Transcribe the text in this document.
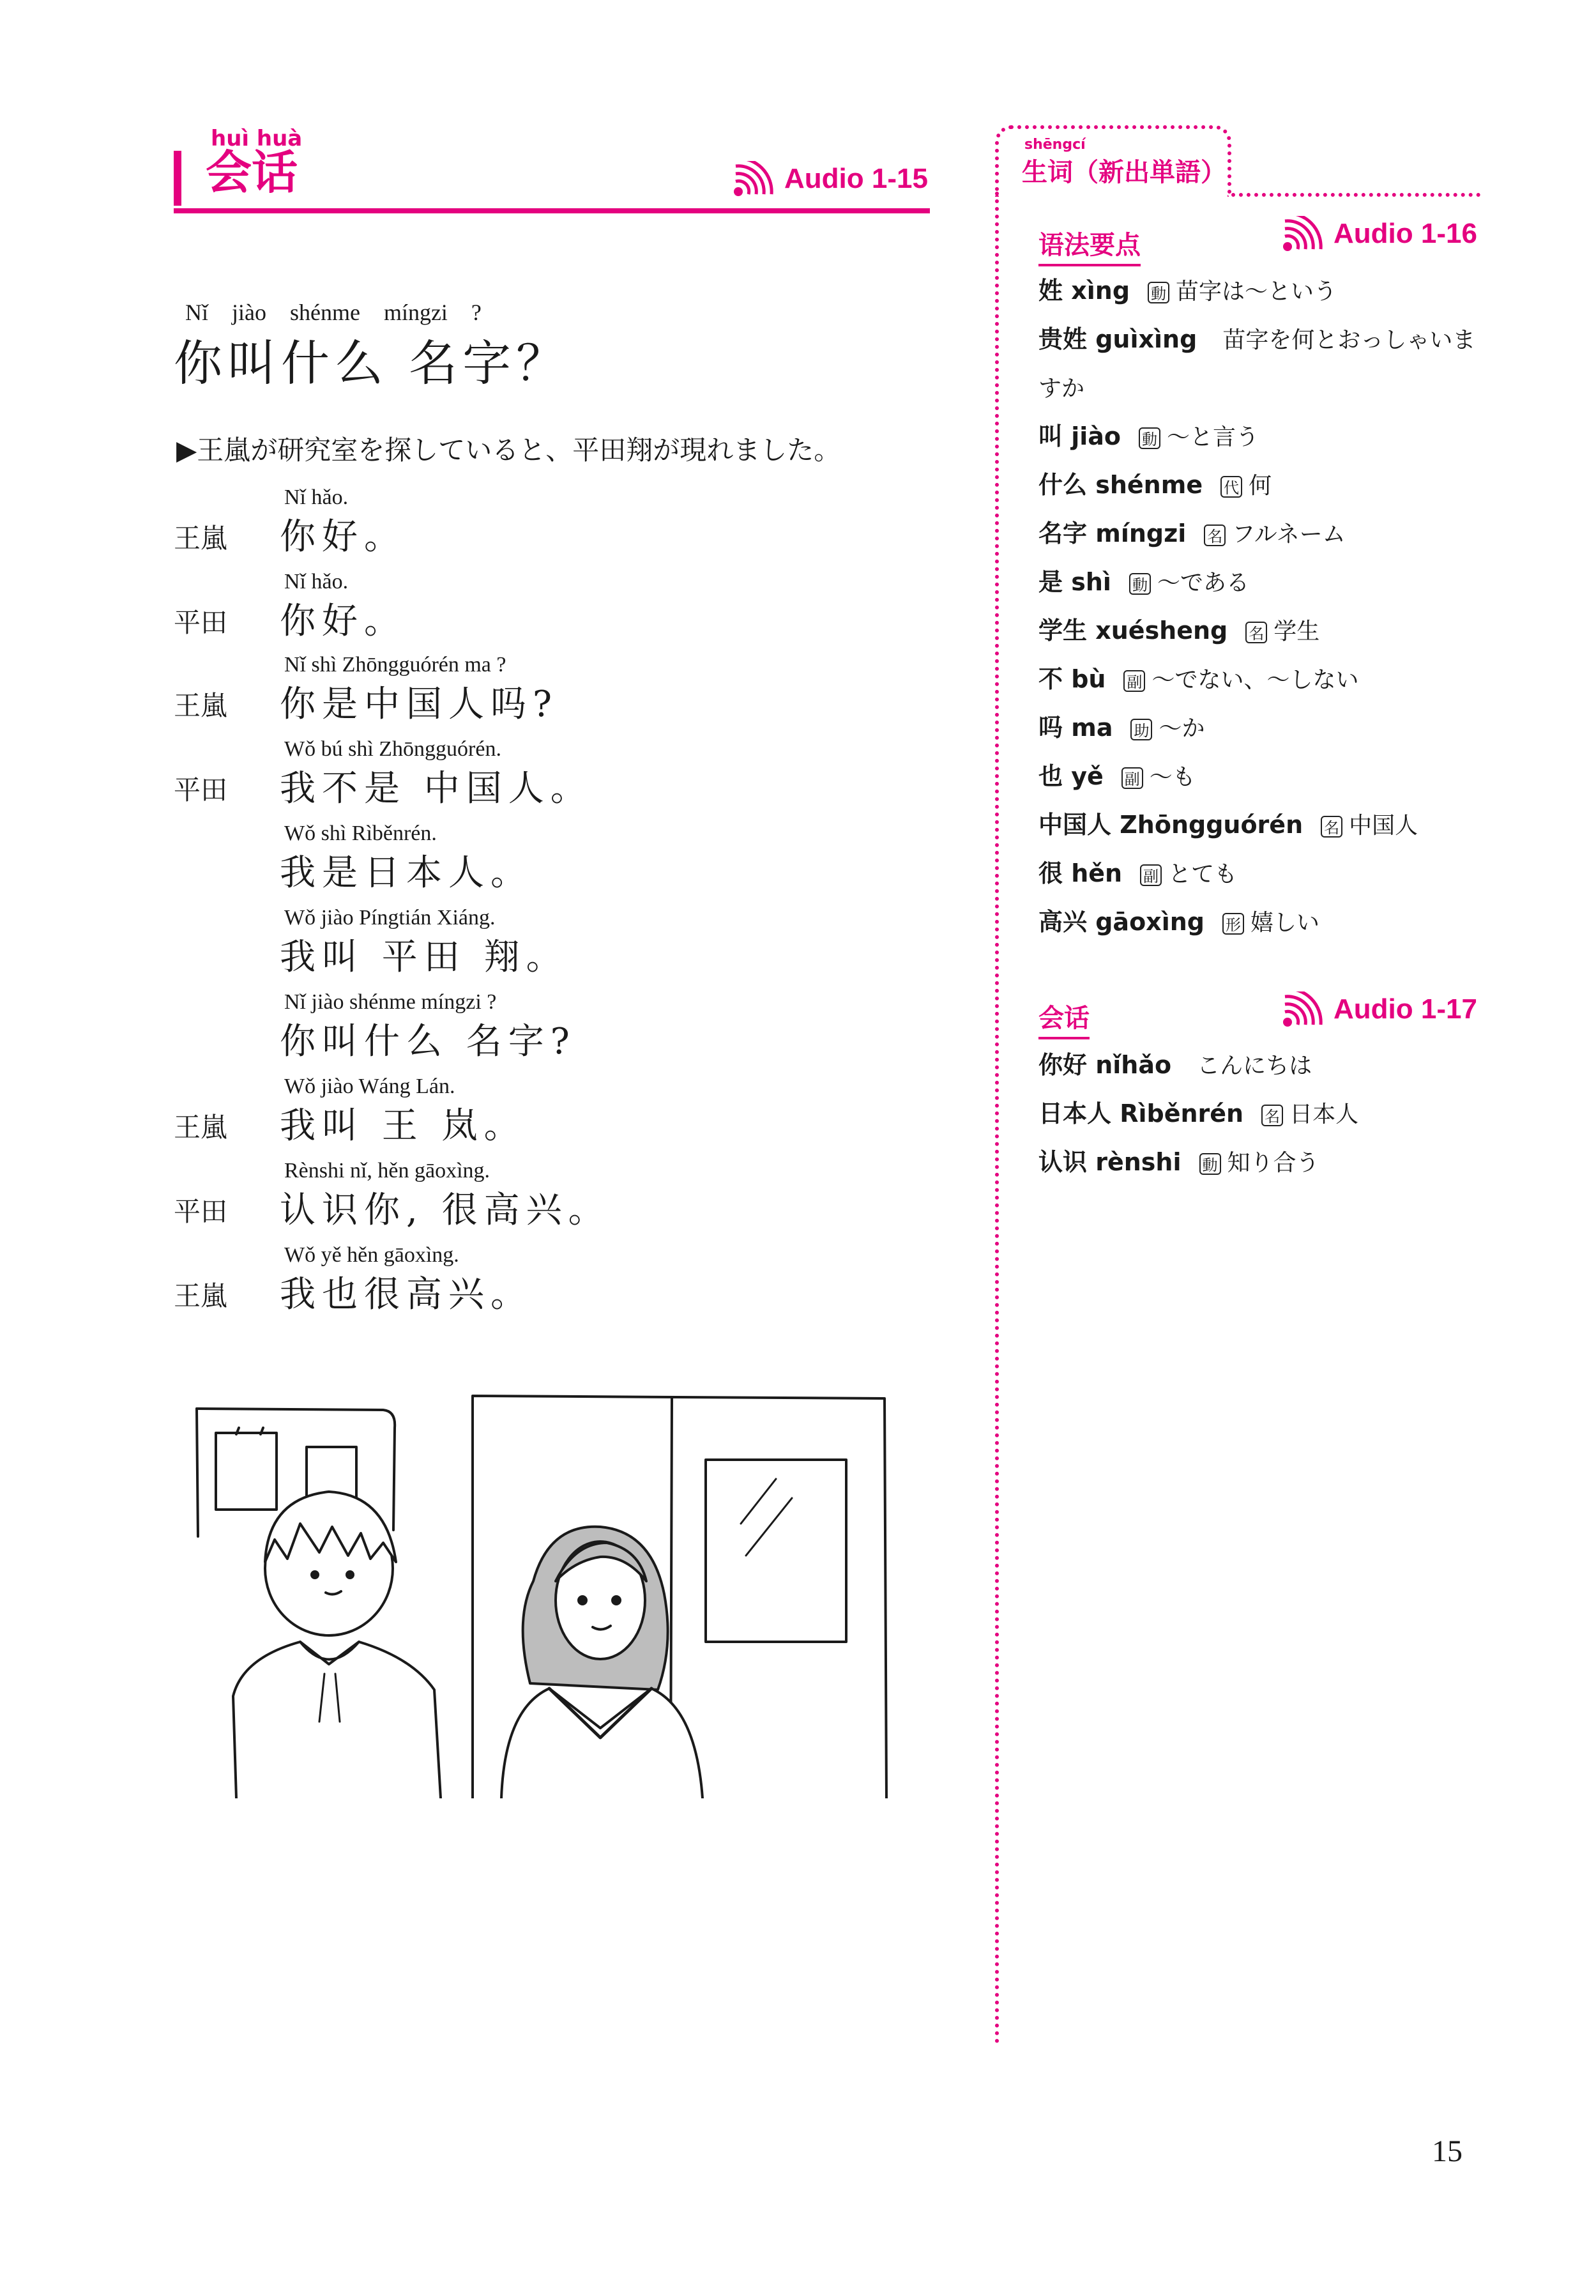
huì huà
会话	Audio 1-15
Nǐ jiào shénme míngzi ?
你叫什么 名字？
▶王嵐が研究室を探していると、平田翔が現れました。
Nǐ hǎo.
王嵐 你好。
Nǐ hǎo.
平田 你好。
Nǐ shì Zhōngguórén ma ?
王嵐 你是中国人吗?
Wǒ bú shì Zhōngguórén.
平田 我不是 中国人。
Wǒ shì Rìběnrén.
我是日本人。
Wǒ jiào Píngtián Xiáng.
我叫 平田 翔。
Nǐ jiào shénme míngzi ?
你叫什么 名字?
Wǒ jiào Wáng Lán.
王嵐 我叫 王 岚。
Rènshi nǐ, hěn gāoxìng.
平田 认识你, 很高兴。
Wǒ yě hěn gāoxìng.
王嵐 我也很高兴。
shēngcí
生词（新出単語）
语法要点	Audio 1-16
姓 xìng 動 苗字は〜という
贵姓 guìxìng 苗字を何とおっしゃいま
すか
叫 jiào 動 〜と言う
什么 shénme 代 何
名字 míngzi 名 フルネーム
是 shì 動 〜である
学生 xuésheng 名 学生
不 bù 副 〜でない、〜しない
吗 ma 助 〜か
也 yě 副 〜も
中国人 Zhōngguórén 名 中国人
很 hěn 副 とても
高兴 gāoxìng 形 嬉しい
会话	Audio 1-17
你好 nǐhǎo こんにちは
日本人 Rìběnrén 名 日本人
认识 rènshi 動 知り合う
15
